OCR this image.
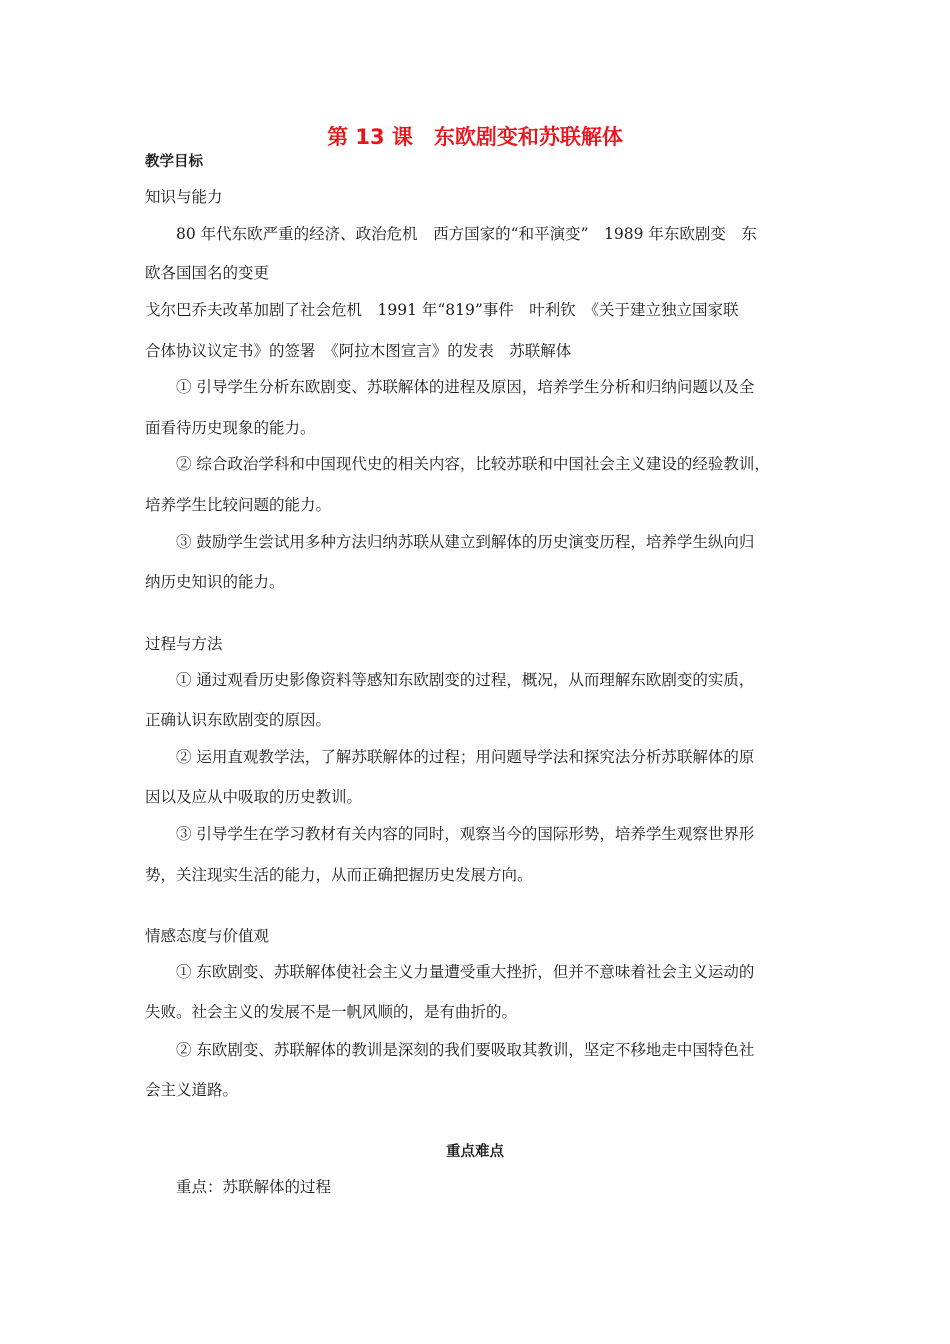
第 13 课　东欧剧变和苏联解体
教学目标
知识与能力
80 年代东欧严重的经济、政治危机　西方国家的“和平演变”　1989 年东欧剧变　东
欧各国国名的变更
戈尔巴乔夫改革加剧了社会危机　1991 年“819”事件　叶利钦　《关于建立独立国家联
合体协议议定书》的签署　《阿拉木图宣言》的发表　苏联解体
① 引导学生分析东欧剧变、苏联解体的进程及原因，培养学生分析和归纳问题以及全
面看待历史现象的能力。
② 综合政治学科和中国现代史的相关内容，比较苏联和中国社会主义建设的经验教训，
培养学生比较问题的能力。
③ 鼓励学生尝试用多种方法归纳苏联从建立到解体的历史演变历程，培养学生纵向归
纳历史知识的能力。
过程与方法
① 通过观看历史影像资料等感知东欧剧变的过程，概况，从而理解东欧剧变的实质，
正确认识东欧剧变的原因。
② 运用直观教学法，了解苏联解体的过程；用问题导学法和探究法分析苏联解体的原
因以及应从中吸取的历史教训。
③ 引导学生在学习教材有关内容的同时，观察当今的国际形势，培养学生观察世界形
势，关注现实生活的能力，从而正确把握历史发展方向。
情感态度与价值观
① 东欧剧变、苏联解体使社会主义力量遭受重大挫折，但并不意味着社会主义运动的
失败。社会主义的发展不是一帆风顺的，是有曲折的。
② 东欧剧变、苏联解体的教训是深刻的我们要吸取其教训，坚定不移地走中国特色社
会主义道路。
重点难点
重点：苏联解体的过程
